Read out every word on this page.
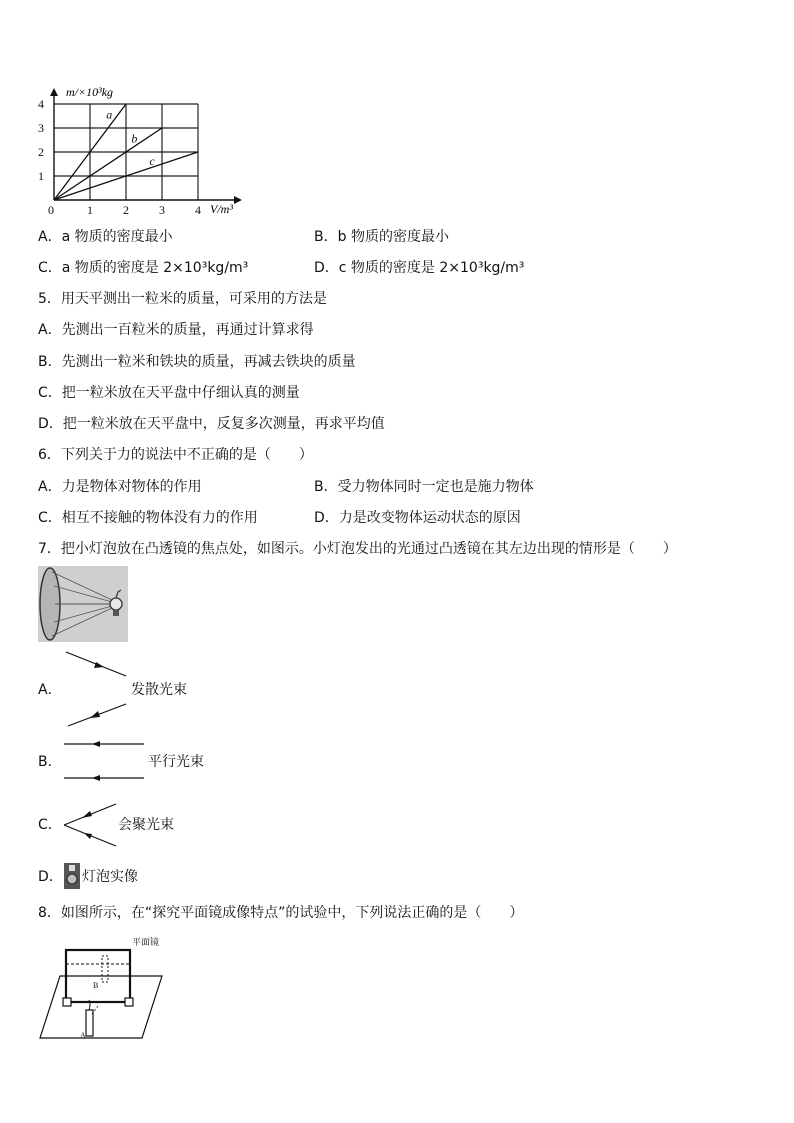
0	1	2	3	4
1
2
3
4
m/×10³kg
V/m³
a
b
c
A．a 物质的密度最小	B．b 物质的密度最小
C．a 物质的密度是 2×10³kg/m³	D．c 物质的密度是 2×10³kg/m³
5．用天平测出一粒米的质量，可采用的方法是
A．先测出一百粒米的质量，再通过计算求得
B．先测出一粒米和铁块的质量，再减去铁块的质量
C．把一粒米放在天平盘中仔细认真的测量
D．把一粒米放在天平盘中，反复多次测量，再求平均值
6．下列关于力的说法中不正确的是（　　）
A．力是物体对物体的作用	B．受力物体同时一定也是施力物体
C．相互不接触的物体没有力的作用	D．力是改变物体运动状态的原因
7．把小灯泡放在凸透镜的焦点处，如图示。小灯泡发出的光通过凸透镜在其左边出现的情形是（　　）
A．	发散光束
B．	平行光束
C．	会聚光束
D． 灯泡实像
8．如图所示，在“探究平面镜成像特点”的试验中，下列说法正确的是（　　）
平面镜
B
A
